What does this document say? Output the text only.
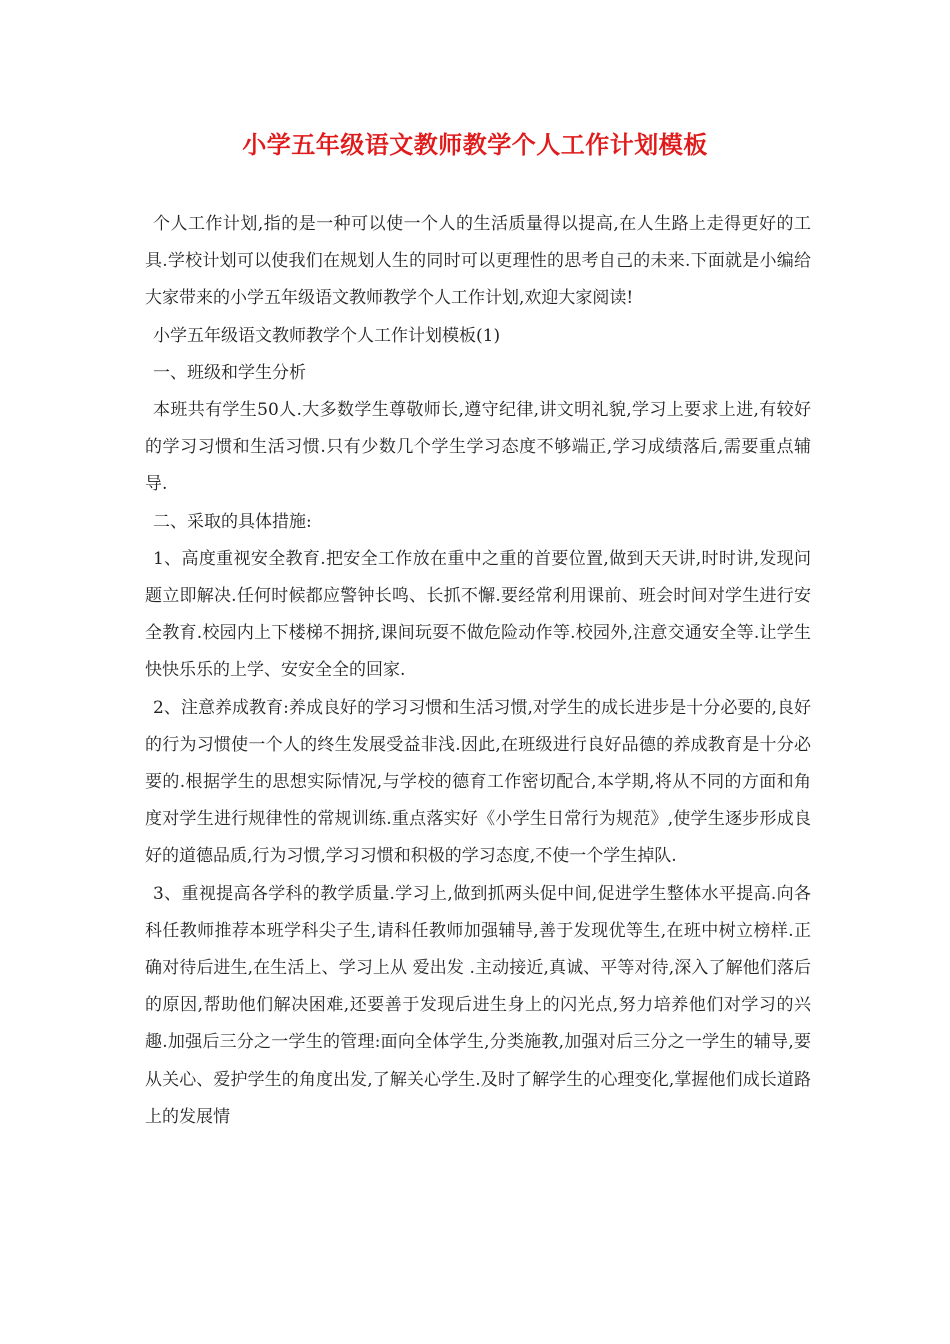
小学五年级语文教师教学个人工作计划模板

个人工作计划,指的是一种可以使一个人的生活质量得以提高,在人生路上走得更好的工具.学校计划可以使我们在规划人生的同时可以更理性的思考自己的未来.下面就是小编给大家带来的小学五年级语文教师教学个人工作计划,欢迎大家阅读!

小学五年级语文教师教学个人工作计划模板(1)

一、班级和学生分析

本班共有学生50人.大多数学生尊敬师长,遵守纪律,讲文明礼貌,学习上要求上进,有较好的学习习惯和生活习惯.只有少数几个学生学习态度不够端正,学习成绩落后,需要重点辅导.

二、采取的具体措施:

1、高度重视安全教育.把安全工作放在重中之重的首要位置,做到天天讲,时时讲,发现问题立即解决.任何时候都应警钟长鸣、长抓不懈.要经常利用课前、班会时间对学生进行安全教育.校园内上下楼梯不拥挤,课间玩耍不做危险动作等.校园外,注意交通安全等.让学生快快乐乐的上学、安安全全的回家.

2、注意养成教育:养成良好的学习习惯和生活习惯,对学生的成长进步是十分必要的,良好的行为习惯使一个人的终生发展受益非浅.因此,在班级进行良好品德的养成教育是十分必要的.根据学生的思想实际情况,与学校的德育工作密切配合,本学期,将从不同的方面和角度对学生进行规律性的常规训练.重点落实好《小学生日常行为规范》,使学生逐步形成良好的道德品质,行为习惯,学习习惯和积极的学习态度,不使一个学生掉队.

3、重视提高各学科的教学质量.学习上,做到抓两头促中间,促进学生整体水平提高.向各科任教师推荐本班学科尖子生,请科任教师加强辅导,善于发现优等生,在班中树立榜样.正确对待后进生,在生活上、学习上从 爱出发 .主动接近,真诚、平等对待,深入了解他们落后的原因,帮助他们解决困难,还要善于发现后进生身上的闪光点,努力培养他们对学习的兴趣.加强后三分之一学生的管理:面向全体学生,分类施教,加强对后三分之一学生的辅导,要从关心、爱护学生的角度出发,了解关心学生.及时了解学生的心理变化,掌握他们成长道路上的发展情
